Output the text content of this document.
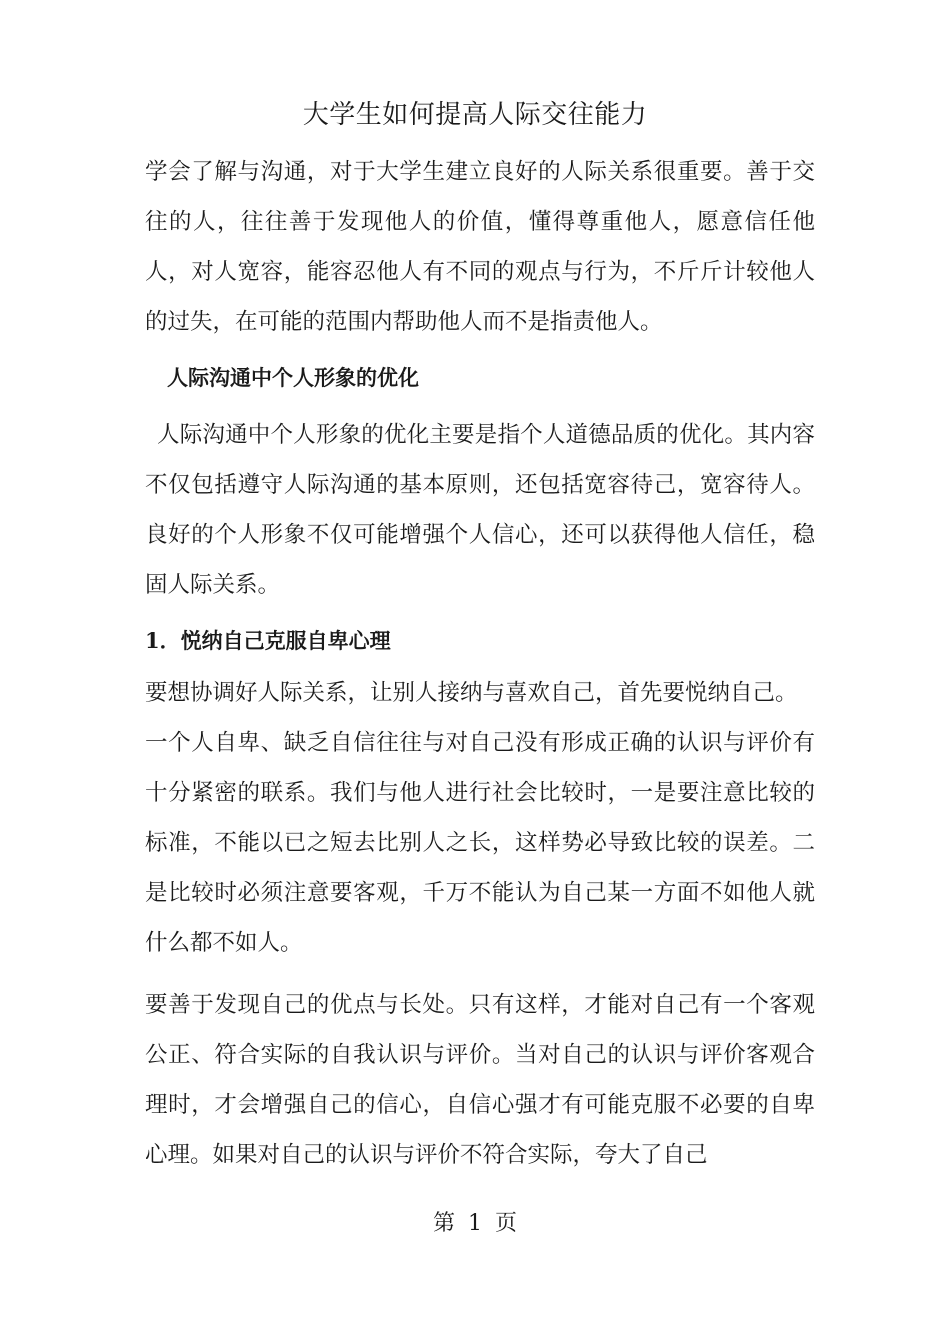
大学生如何提高人际交往能力
学会了解与沟通，对于大学生建立良好的人际关系很重要。善于交往的人，往往善于发现他人的价值，懂得尊重他人，愿意信任他人，对人宽容，能容忍他人有不同的观点与行为，不斤斤计较他人的过失，在可能的范围内帮助他人而不是指责他人。
人际沟通中个人形象的优化
人际沟通中个人形象的优化主要是指个人道德品质的优化。其内容不仅包括遵守人际沟通的基本原则，还包括宽容待己，宽容待人。良好的个人形象不仅可能增强个人信心，还可以获得他人信任，稳固人际关系。
1．悦纳自己克服自卑心理
要想协调好人际关系，让别人接纳与喜欢自己，首先要悦纳自己。
一个人自卑、缺乏自信往往与对自己没有形成正确的认识与评价有十分紧密的联系。我们与他人进行社会比较时，一是要注意比较的标准，不能以已之短去比别人之长，这样势必导致比较的误差。二是比较时必须注意要客观，千万不能认为自己某一方面不如他人就什么都不如人。
要善于发现自己的优点与长处。只有这样，才能对自己有一个客观公正、符合实际的自我认识与评价。当对自己的认识与评价客观合理时，才会增强自己的信心，自信心强才有可能克服不必要的自卑心理。如果对自己的认识与评价不符合实际，夸大了自己
第 1 页
